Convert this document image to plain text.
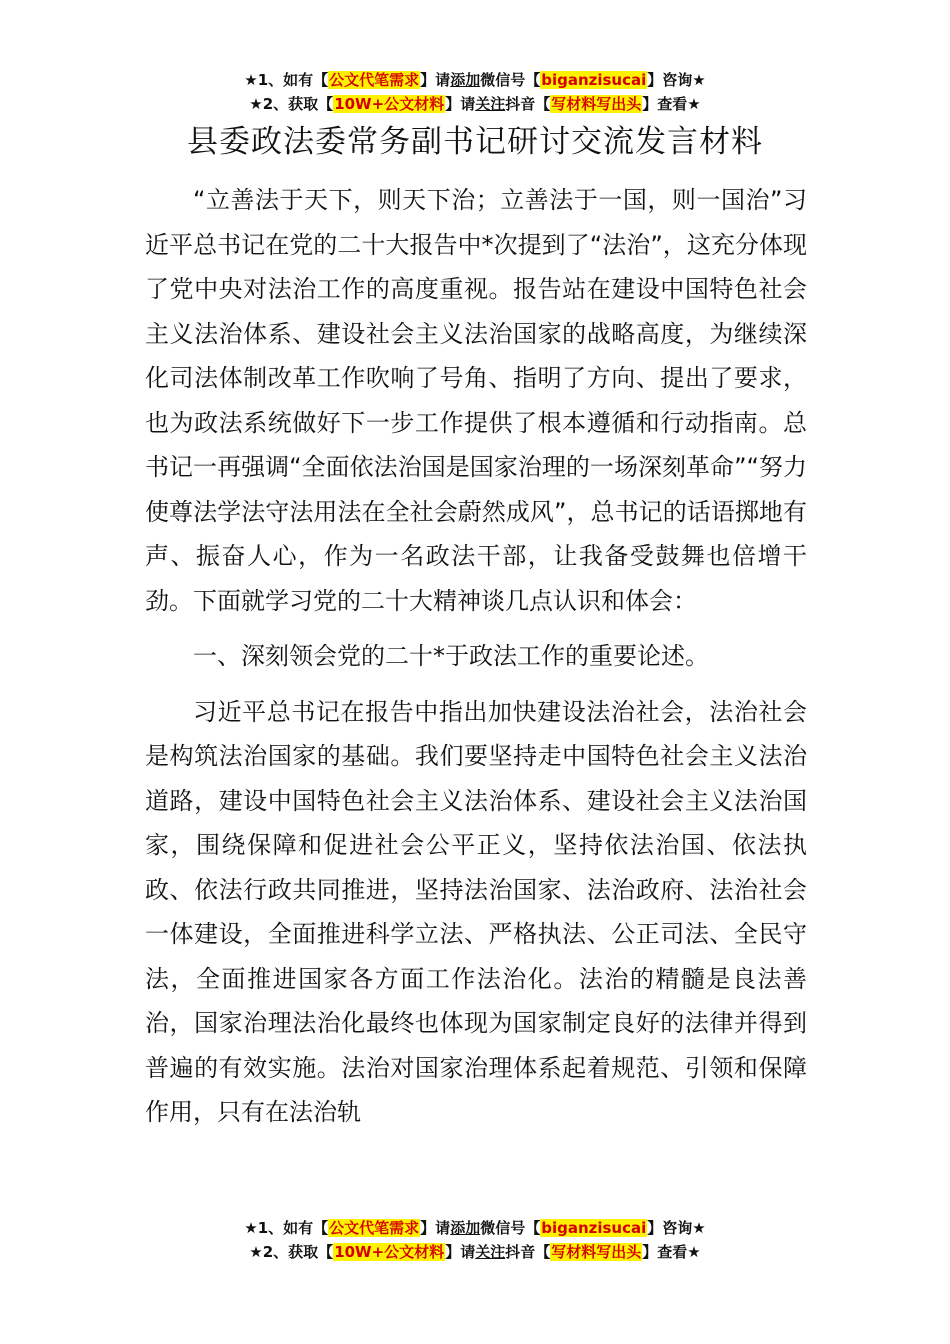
★1、如有【公文代笔需求】请添加微信号【biganzisucai】咨询★
★2、获取【10W+公文材料】请关注抖音【写材料写出头】查看★
县委政法委常务副书记研讨交流发言材料

“立善法于天下，则天下治；立善法于一国，则一国治”习近平总书记在党的二十大报告中*次提到了“法治”，这充分体现了党中央对法治工作的高度重视。报告站在建设中国特色社会主义法治体系、建设社会主义法治国家的战略高度，为继续深化司法体制改革工作吹响了号角、指明了方向、提出了要求，也为政法系统做好下一步工作提供了根本遵循和行动指南。总书记一再强调“全面依法治国是国家治理的一场深刻革命”“努力使尊法学法守法用法在全社会蔚然成风”，总书记的话语掷地有声、振奋人心，作为一名政法干部，让我备受鼓舞也倍增干劲。下面就学习党的二十大精神谈几点认识和体会：

一、深刻领会党的二十*于政法工作的重要论述。

习近平总书记在报告中指出加快建设法治社会，法治社会是构筑法治国家的基础。我们要坚持走中国特色社会主义法治道路，建设中国特色社会主义法治体系、建设社会主义法治国家，围绕保障和促进社会公平正义，坚持依法治国、依法执政、依法行政共同推进，坚持法治国家、法治政府、法治社会一体建设，全面推进科学立法、严格执法、公正司法、全民守法，全面推进国家各方面工作法治化。法治的精髓是良法善治，国家治理法治化最终也体现为国家制定良好的法律并得到普遍的有效实施。法治对国家治理体系起着规范、引领和保障作用，只有在法治轨

★1、如有【公文代笔需求】请添加微信号【biganzisucai】咨询★
★2、获取【10W+公文材料】请关注抖音【写材料写出头】查看★
